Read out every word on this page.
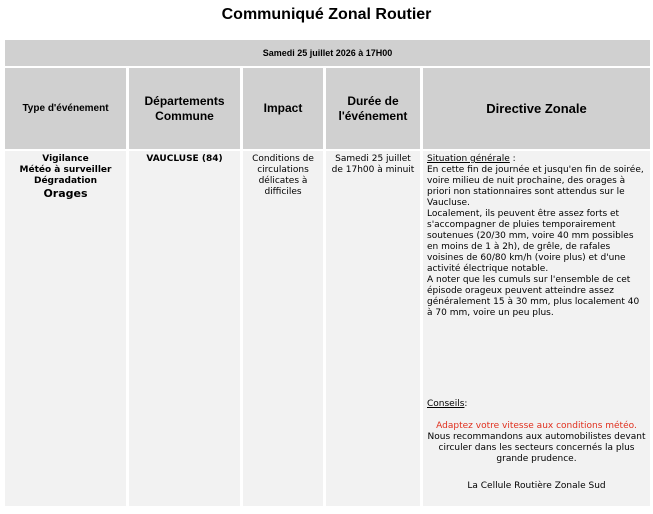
Communiqué Zonal Routier
Samedi 25 juillet 2026 à 17H00
Type d'événement
Départements
Commune
Impact
Durée de
l'événement	Directive Zonale
Vigilance
Météo à surveiller
Dégradation
Orages
VAUCLUSE (84)	Conditions de circulations délicates à difficiles
Samedi 25 juillet de 17h00 à minuit

Situation générale :

En cette fin de journée et jusqu'en fin de soirée, voire milieu de nuit prochaine, des orages à priori non stationnaires sont attendus sur le Vaucluse.

Localement, ils peuvent être assez forts et s'accompagner de pluies temporairement soutenues (20/30 mm, voire 40 mm possibles en moins de 1 à 2h), de grêle, de rafales voisines de 60/80 km/h (voire plus) et d'une activité électrique notable.

A noter que les cumuls sur l'ensemble de cet épisode orageux peuvent atteindre assez généralement 15 à 30 mm, plus localement 40 à 70 mm, voire un peu plus.

Conseils:

Adaptez votre vitesse aux conditions météo.

Nous recommandons aux automobilistes devant circuler dans les secteurs concernés la plus grande prudence.

La Cellule Routière Zonale Sud
